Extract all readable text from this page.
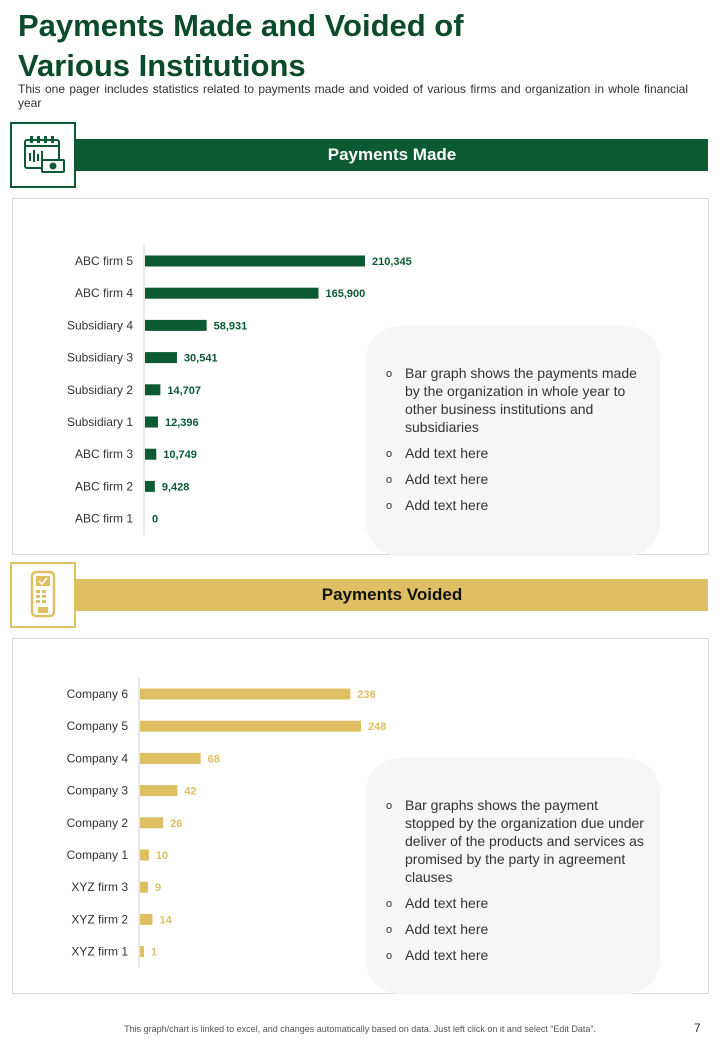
Payments Made and Voided of
Various Institutions
This one pager includes statistics related to payments made and voided of various firms and organization in whole financial year
Payments Made
ABC firm 5	210,345
ABC firm 4	165,900
Subsidiary 4	58,931
Subsidiary 3	30,541
Subsidiary 2	14,707
Subsidiary 1	12,396
ABC firm 3	10,749
ABC firm 2	9,428
ABC firm 1 0
o Bar graph shows the payments made by the organization in whole year to other business institutions and subsidiaries
o Add text here
o Add text here
o Add text here
Payments Voided
Company 6	236
Company 5	248
Company 4	68
Company 3	42
Company 2	26
Company 1	10
XYZ firm 3 9
XYZ firm 2	14
XYZ firm 1 1
o Bar graphs shows the payment stopped by the organization due under deliver of the products and services as promised by the party in agreement clauses
o Add text here
o Add text here
o Add text here
This graph/chart is linked to excel, and changes automatically based on data. Just left click on it and select “Edit Data”.	7
